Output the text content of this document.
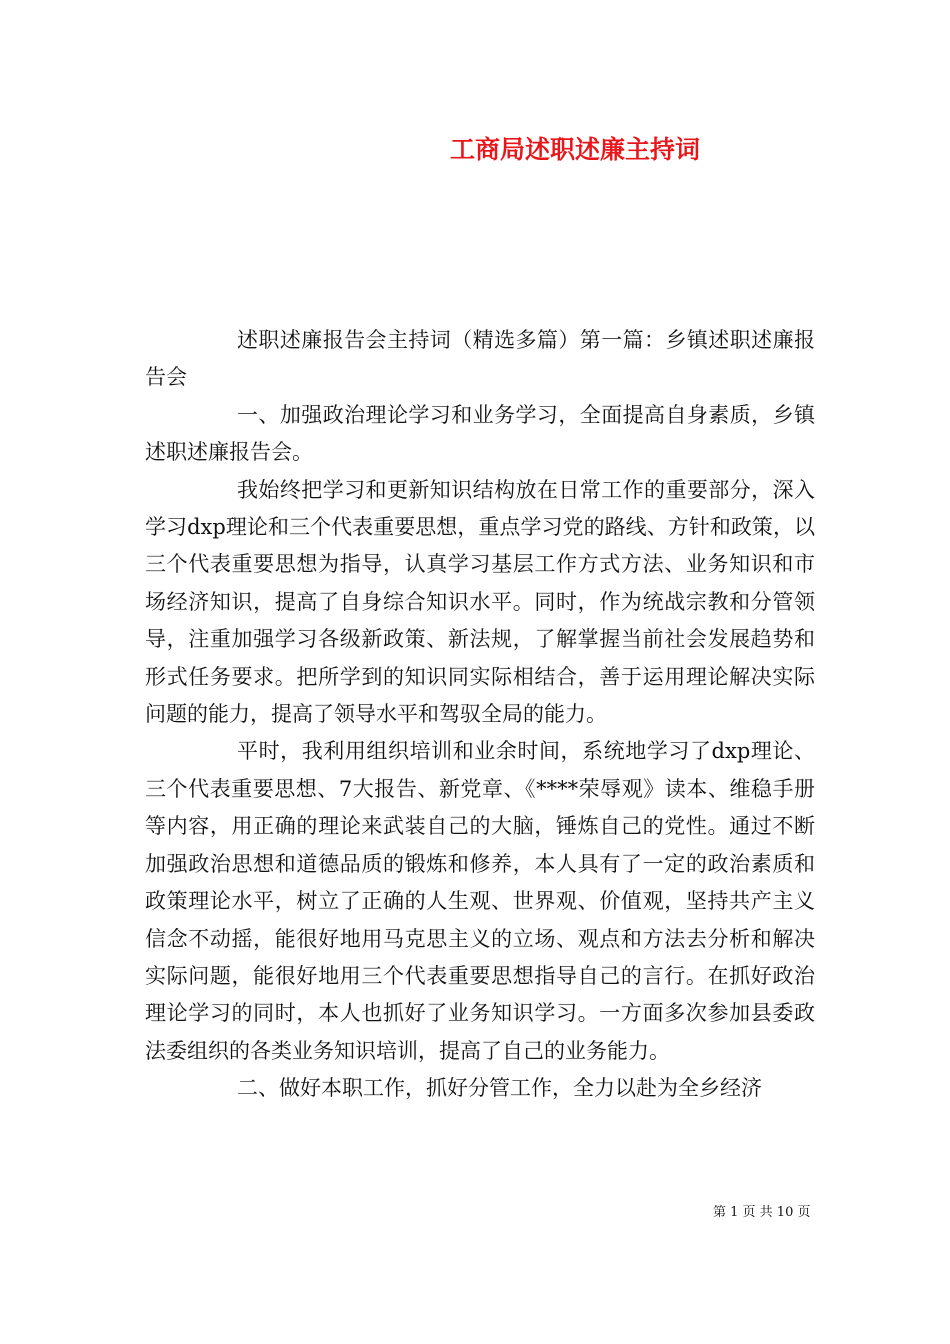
工商局述职述廉主持词

述职述廉报告会主持词（精选多篇）第一篇：乡镇述职述廉报告会

一、加强政治理论学习和业务学习，全面提高自身素质，乡镇述职述廉报告会。

我始终把学习和更新知识结构放在日常工作的重要部分，深入学习dxp理论和三个代表重要思想，重点学习党的路线、方针和政策，以三个代表重要思想为指导，认真学习基层工作方式方法、业务知识和市场经济知识，提高了自身综合知识水平。同时，作为统战宗教和分管领导，注重加强学习各级新政策、新法规，了解掌握当前社会发展趋势和形式任务要求。把所学到的知识同实际相结合，善于运用理论解决实际问题的能力，提高了领导水平和驾驭全局的能力。

平时，我利用组织培训和业余时间，系统地学习了dxp理论、三个代表重要思想、7大报告、新党章、《****荣辱观》读本、维稳手册等内容，用正确的理论来武装自己的大脑，锤炼自己的党性。通过不断加强政治思想和道德品质的锻炼和修养，本人具有了一定的政治素质和政策理论水平，树立了正确的人生观、世界观、价值观，坚持共产主义信念不动摇，能很好地用马克思主义的立场、观点和方法去分析和解决实际问题，能很好地用三个代表重要思想指导自己的言行。在抓好政治理论学习的同时，本人也抓好了业务知识学习。一方面多次参加县委政法委组织的各类业务知识培训，提高了自己的业务能力。

二、做好本职工作，抓好分管工作，全力以赴为全乡经济

第 1 页 共 10 页
